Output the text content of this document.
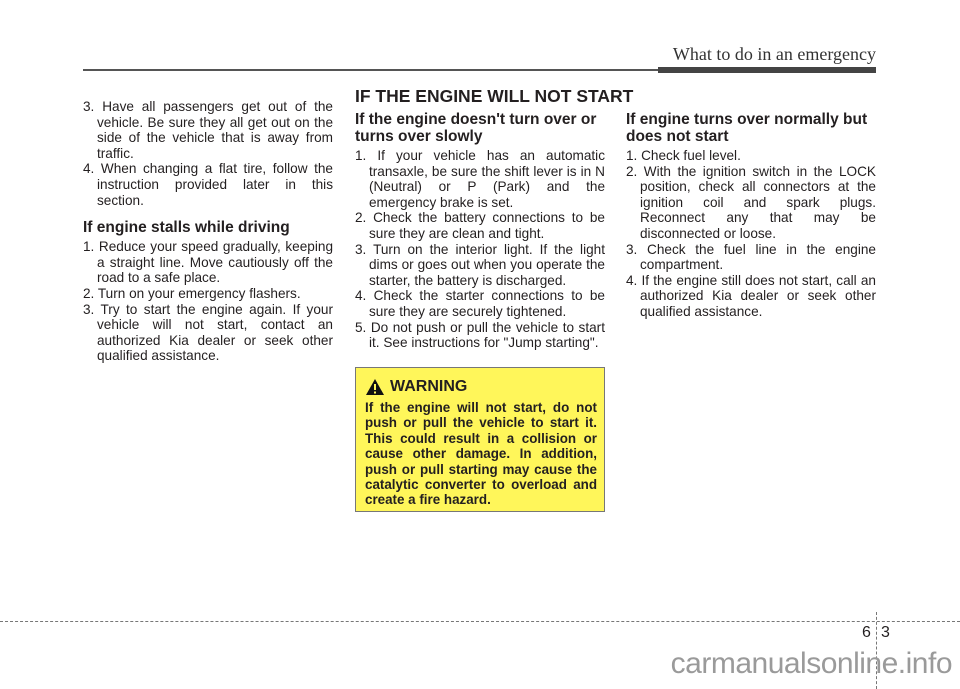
What to do in an emergency
IF THE ENGINE WILL NOT START

3. Have all passengers get out of the vehicle. Be sure they all get out on the side of the vehicle that is away from traffic.

4. When changing a flat tire, follow the instruction provided later in this section.

If engine stalls while driving

1. Reduce your speed gradually, keeping a straight line. Move cautiously off the road to a safe place.

2. Turn on your emergency flashers.

3. Try to start the engine again. If your vehicle will not start, contact an authorized Kia dealer or seek other qualified assistance.

If the engine doesn't turn over or turns over slowly

1. If your vehicle has an automatic transaxle, be sure the shift lever is in N (Neutral) or P (Park) and the emergency brake is set.

2. Check the battery connections to be sure they are clean and tight.

3. Turn on the interior light. If the light dims or goes out when you operate the starter, the battery is discharged.

4. Check the starter connections to be sure they are securely tightened.

5. Do not push or pull the vehicle to start it. See instructions for "Jump starting".

WARNING
If the engine will not start, do not push or pull the vehicle to start it. This could result in a collision or cause other damage. In addition, push or pull starting may cause the catalytic converter to overload and create a fire hazard.
If engine turns over normally but does not start

1. Check fuel level.

2. With the ignition switch in the LOCK position, check all connectors at the ignition coil and spark plugs. Reconnect any that may be disconnected or loose.

3. Check the fuel line in the engine compartment.

4. If the engine still does not start, call an authorized Kia dealer or seek other qualified assistance.

6 3
carmanualsonline.info
